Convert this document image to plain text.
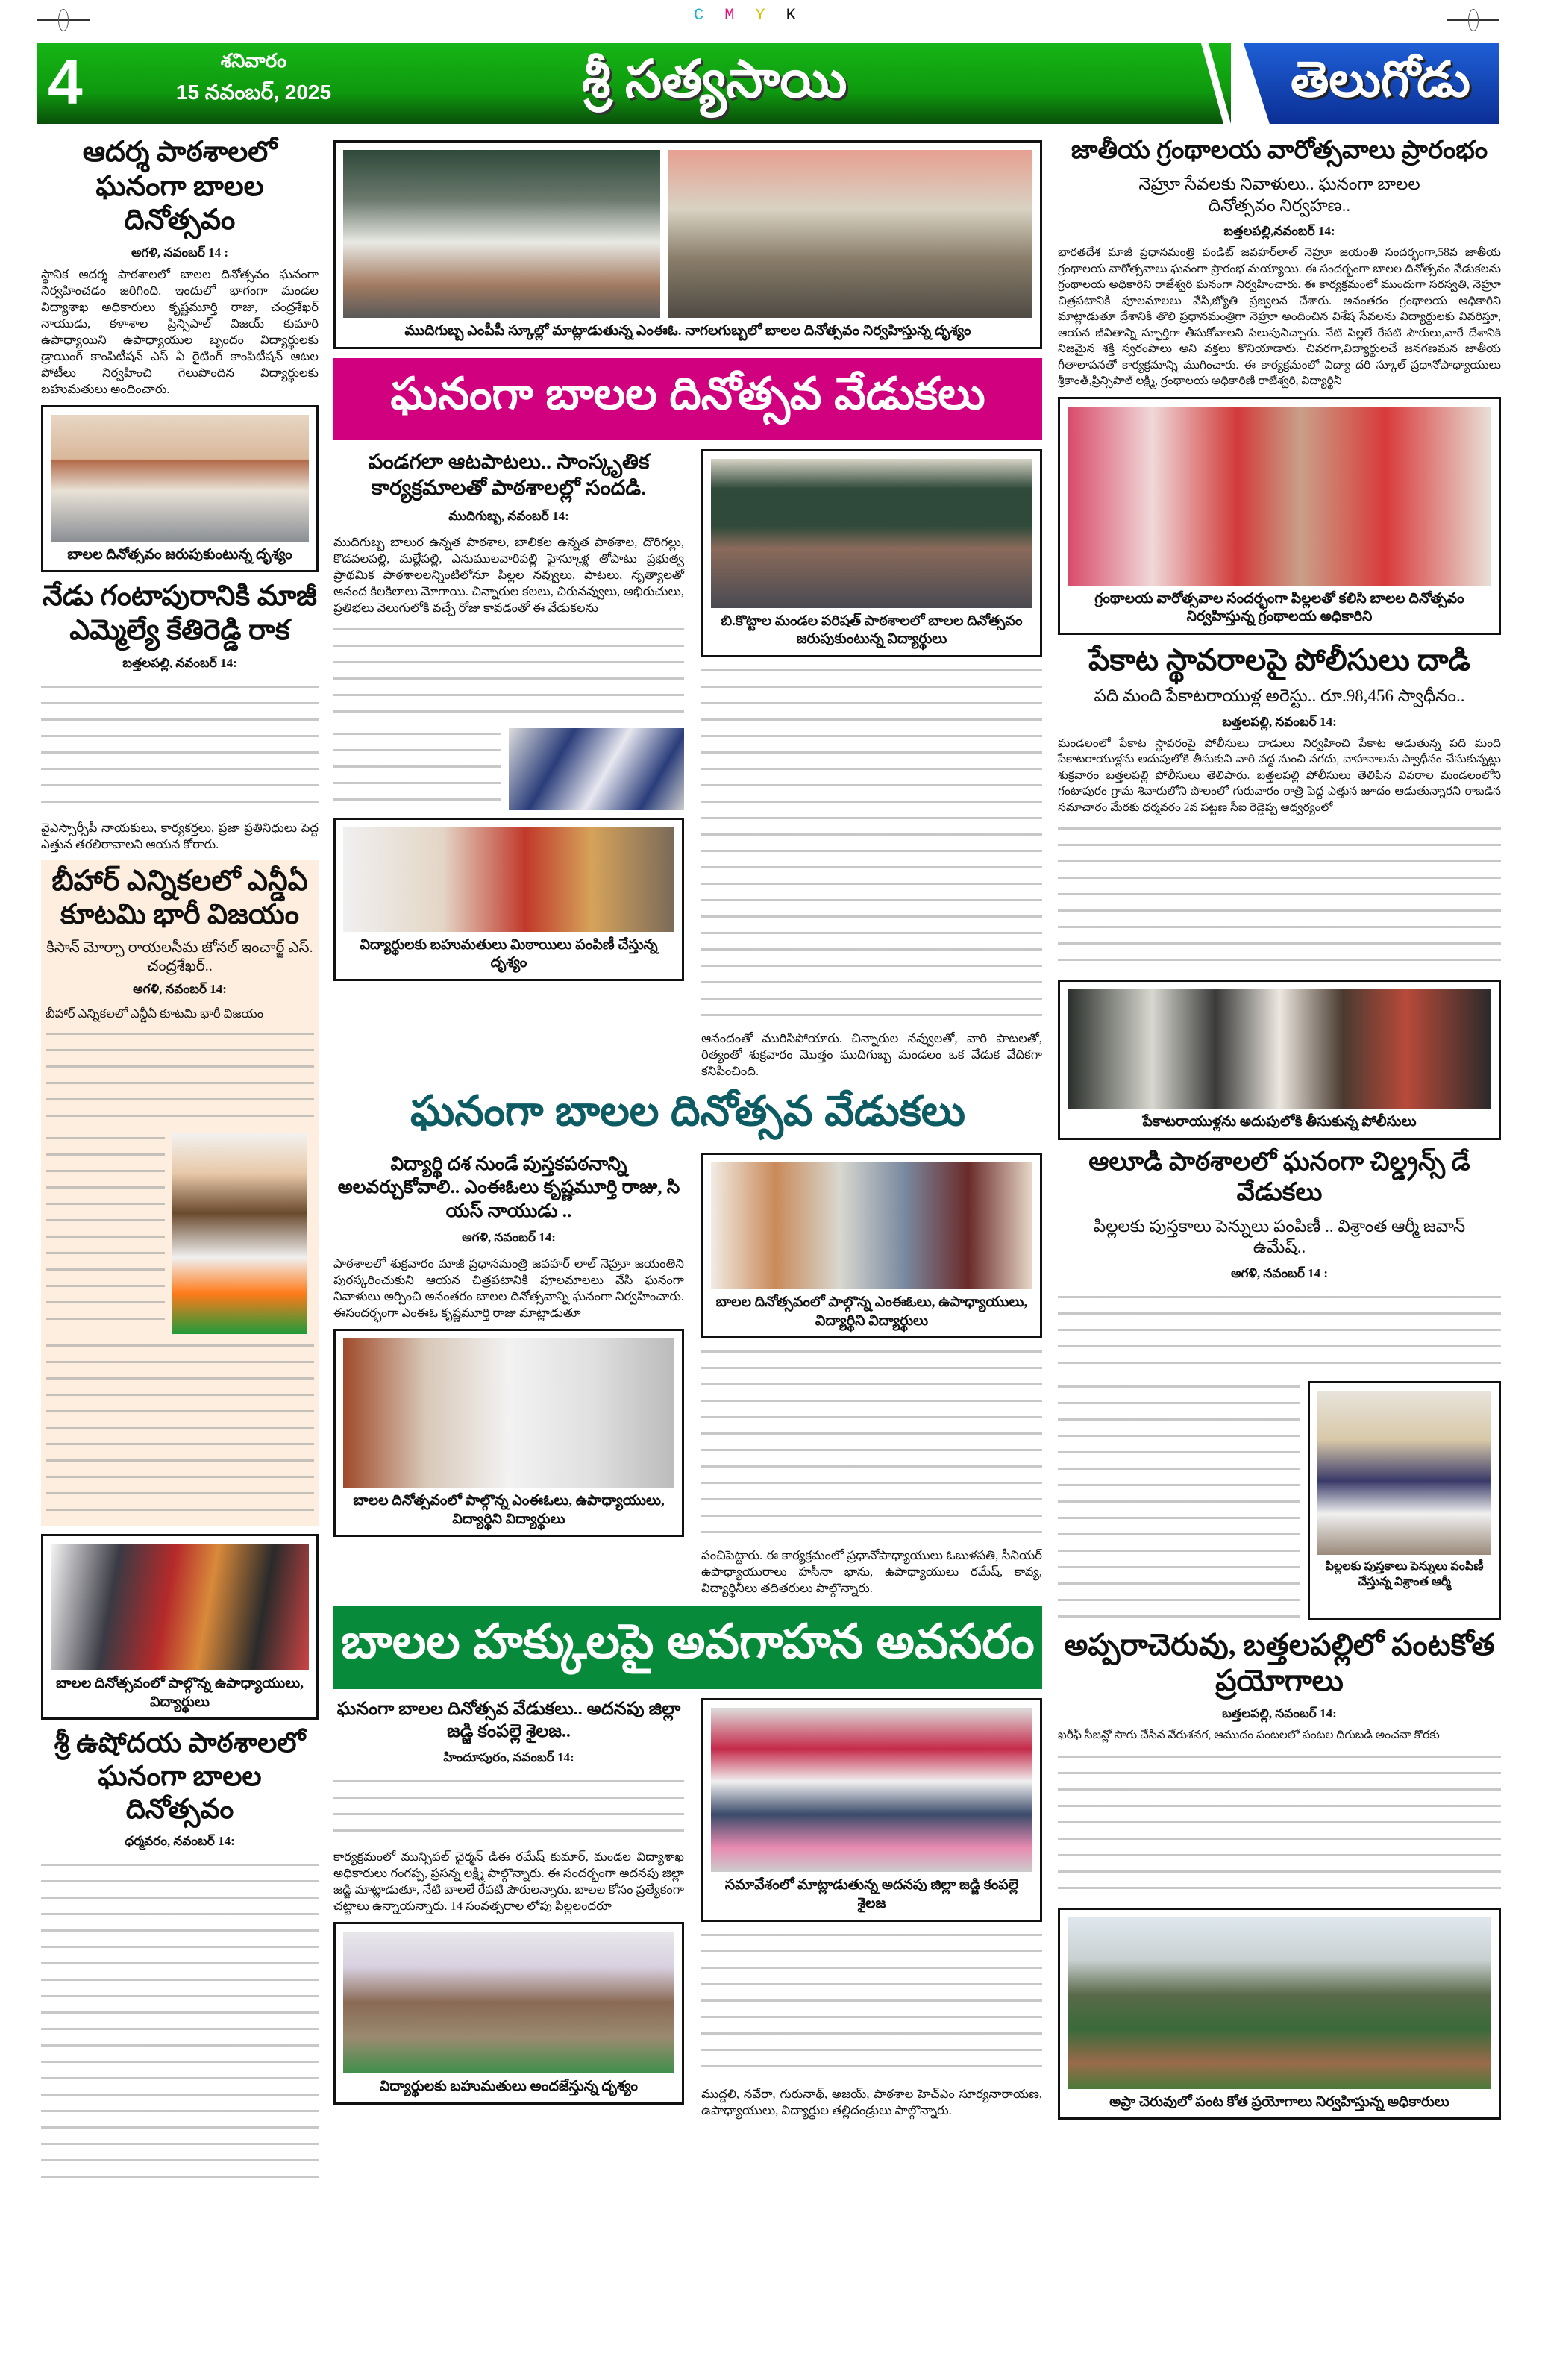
CMYK
4	శనివారం
15 నవంబర్, 2025	శ్రీ సత్యసాయి	తెలుగోడు
ఆదర్శ పాఠశాలలో ఘనంగా బాలల దినోత్సవం
అగళి, నవంబర్ 14 :
స్థానిక ఆదర్శ పాఠశాలలో బాలల దినోత్సవం ఘనంగా నిర్వహించడం జరిగింది. ఇందులో భాగంగా మండల విద్యాశాఖ అధికారులు కృష్ణమూర్తి రాజు, చంద్రశేఖర్ నాయుడు, కళాశాల ప్రిన్సిపాల్ విజయ్ కుమారి ఉపాధ్యాయిని ఉపాధ్యాయుల బృందం విద్యార్థులకు డ్రాయింగ్ కాంపిటీషన్ ఎస్ ఏ రైటింగ్ కాంపిటీషన్ ఆటల పోటీలు నిర్వహించి గెలుపొందిన విద్యార్థులకు బహుమతులు అందించారు.
బాలల దినోత్సవం జరుపుకుంటున్న దృశ్యం
నేడు గంటాపురానికి మాజీ ఎమ్మెల్యే కేతిరెడ్డి రాక
బత్తలపల్లి, నవంబర్ 14:
వైఎస్సార్సీపీ నాయకులు, కార్యకర్తలు, ప్రజా ప్రతినిధులు పెద్ద ఎత్తున తరలిరావాలని ఆయన కోరారు.
బీహార్ ఎన్నికలలో ఎన్డీఏ కూటమి భారీ విజయం
కిసాన్ మోర్చా రాయలసీమ జోనల్ ఇంచార్జ్ ఎస్. చంద్రశేఖర్..
అగళి, నవంబర్ 14:
బీహార్ ఎన్నికలలో ఎన్డీఏ కూటమి భారీ విజయం
బాలల దినోత్సవంలో పాల్గొన్న ఉపాధ్యాయులు, విద్యార్థులు
శ్రీ ఉషోదయ పాఠశాలలో ఘనంగా బాలల దినోత్సవం
ధర్మవరం, నవంబర్ 14:
ముదిగుబ్బ ఎంపీపీ స్కూల్లో మాట్లాడుతున్న ఎంఈఓ. నాగలగుబ్బలో బాలల దినోత్సవం నిర్వహిస్తున్న దృశ్యం
ఘనంగా బాలల దినోత్సవ వేడుకలు
పండగలా ఆటపాటలు.. సాంస్కృతిక కార్యక్రమాలతో పాఠశాలల్లో సందడి.
ముదిగుబ్బ, నవంబర్ 14:
ముదిగుబ్బ బాలుర ఉన్నత పాఠశాల, బాలికల ఉన్నత పాఠశాల, దొరిగల్లు, కొడవలపల్లి, మల్లేపల్లి, ఎనుములవారిపల్లి హైస్కూళ్ల తోపాటు ప్రభుత్వ ప్రాథమిక పాఠశాలలన్నింటిలోనూ పిల్లల నవ్వులు, పాటలు, నృత్యాలతో ఆనంద కిలకిలాలు మోగాయి. చిన్నారుల కలలు, చిరునవ్వులు, అభిరుచులు, ప్రతిభలు వెలుగులోకి వచ్చే రోజు కావడంతో ఈ వేడుకలను
విద్యార్థులకు బహుమతులు మిఠాయిలు పంపిణీ చేస్తున్న దృశ్యం
బి.కొట్టాల మండల పరిషత్ పాఠశాలలో బాలల దినోత్సవం జరుపుకుంటున్న విద్యార్థులు
ఆనందంతో మురిసిపోయారు. చిన్నారుల నవ్వులతో, వారి పాటలతో, రిత్యంతో శుక్రవారం మొత్తం ముదిగుబ్బ మండలం ఒక వేడుక వేదికగా కనిపించింది.
ఘనంగా బాలల దినోత్సవ వేడుకలు
విద్యార్థి దశ నుండే పుస్తకపఠనాన్ని అలవర్చుకోవాలి.. ఎంఈఓలు కృష్ణమూర్తి రాజు, సి యస్ నాయుడు ..
అగళి, నవంబర్ 14:
పాఠశాలలో శుక్రవారం మాజీ ప్రధానమంత్రి జవహర్ లాల్ నెహ్రూ జయంతిని పురస్కరించుకుని ఆయన చిత్రపటానికి పూలమాలలు వేసి ఘనంగా నివాళులు అర్పించి అనంతరం బాలల దినోత్సవాన్ని ఘనంగా నిర్వహించారు. ఈసందర్భంగా ఎంఈఓ కృష్ణమూర్తి రాజు మాట్లాడుతూ
బాలల దినోత్సవంలో పాల్గొన్న ఎంఈఓలు, ఉపాధ్యాయులు, విద్యార్థిని విద్యార్థులు
బాలల దినోత్సవంలో పాల్గొన్న ఎంఈఓలు, ఉపాధ్యాయులు, విద్యార్థిని విద్యార్థులు
పంచిపెట్టారు. ఈ కార్యక్రమంలో ప్రధానోపాధ్యాయులు ఓబుళపతి, సీనియర్ ఉపాధ్యాయురాలు హసీనా భాను, ఉపాధ్యాయులు రమేష్, కావ్య, విద్యార్థినీలు తదితరులు పాల్గొన్నారు.
బాలల హక్కులపై అవగాహన అవసరం
ఘనంగా బాలల దినోత్సవ వేడుకలు.. అదనపు జిల్లా జడ్జి కంపల్లె శైలజ..
హిందూపురం, నవంబర్ 14:
కార్యక్రమంలో మున్సిపల్ చైర్మన్ డిఈ రమేష్ కుమార్, మండల విద్యాశాఖ అధికారులు గంగప్ప, ప్రసన్న లక్ష్మి పాల్గొన్నారు. ఈ సందర్భంగా అదనపు జిల్లా జడ్జి మాట్లాడుతూ, నేటి బాలలే రేపటి పౌరులన్నారు. బాలల కోసం ప్రత్యేకంగా చట్టాలు ఉన్నాయన్నారు. 14 సంవత్సరాల లోపు పిల్లలందరూ
విద్యార్థులకు బహుమతులు అందజేస్తున్న దృశ్యం
సమావేశంలో మాట్లాడుతున్న అదనపు జిల్లా జడ్జి కంపల్లె శైలజ
ముద్దలి, నవేరా, గురునాథ్, అజయ్, పాఠశాల హెచ్ఎం సూర్యనారాయణ, ఉపాధ్యాయులు, విద్యార్థుల తల్లిదండ్రులు పాల్గొన్నారు.
జాతీయ గ్రంథాలయ వారోత్సవాలు ప్రారంభం
నెహ్రూ సేవలకు నివాళులు.. ఘనంగా బాలల దినోత్సవం నిర్వహణ..
బత్తలపల్లి,నవంబర్ 14:
భారతదేశ మాజీ ప్రధానమంత్రి పండిట్ జవహర్‌లాల్ నెహ్రూ జయంతి సందర్భంగా,58వ జాతీయ గ్రంథాలయ వారోత్సవాలు ఘనంగా ప్రారంభ మయ్యాయి. ఈ సందర్భంగా బాలల దినోత్సవం వేడుకలను గ్రంథాలయ అధికారిని రాజేశ్వరి ఘనంగా నిర్వహించారు. ఈ కార్యక్రమంలో ముందుగా సరస్వతి, నెహ్రూ చిత్రపటానికి పూలమాలలు వేసి,జ్యోతి ప్రజ్వలన చేశారు. అనంతరం గ్రంథాలయ అధికారిని మాట్లాడుతూ దేశానికి తొలి ప్రధానమంత్రిగా నెహ్రూ అందించిన విశేష సేవలను విద్యార్థులకు వివరిస్తూ, ఆయన జీవితాన్ని స్ఫూర్తిగా తీసుకోవాలని పిలుపునిచ్చారు. నేటి పిల్లలే రేపటి పౌరులు,వారే దేశానికి నిజమైన శక్తి స్వరంపాలు అని వక్తలు కొనియాడారు. చివరగా,విద్యార్థులచే జనగణమన జాతీయ గీతాలాపనతో కార్యక్రమాన్ని ముగించారు. ఈ కార్యక్రమంలో విద్యా దరి స్కూల్ ప్రధానోపాధ్యాయులు శ్రీకాంత్,ప్రిన్సిపాల్ లక్ష్మి, గ్రంథాలయ అధికారిణి రాజేశ్వరి, విద్యార్థినీ
గ్రంథాలయ వారోత్సవాల సందర్భంగా పిల్లలతో కలిసి బాలల దినోత్సవం నిర్వహిస్తున్న గ్రంథాలయ అధికారిని
పేకాట స్థావరాలపై పోలీసులు దాడి
పది మంది పేకాటరాయుళ్ల అరెస్టు.. రూ.98,456 స్వాధీనం..
బత్తలపల్లి, నవంబర్ 14:
మండలంలో పేకాట స్థావరంపై పోలీసులు దాడులు నిర్వహించి పేకాట ఆడుతున్న పది మంది పేకాటరాయుళ్లను అదుపులోకి తీసుకుని వారి వద్ద నుంచి నగదు, వాహనాలను స్వాధీనం చేసుకున్నట్లు శుక్రవారం బత్తలపల్లి పోలీసులు తెలిపారు. బత్తలపల్లి పోలీసులు తెలిపిన వివరాల మండలంలోని గంటాపురం గ్రామ శివారులోని పొలంలో గురువారం రాత్రి పెద్ద ఎత్తున జూదం ఆడుతున్నారని రాబడిన సమాచారం మేరకు ధర్మవరం 2వ పట్టణ సీఐ రెడ్డెప్ప ఆధ్వర్యంలో
పేకాటరాయుళ్లను అదుపులోకి తీసుకున్న పోలీసులు
ఆలూడి పాఠశాలలో ఘనంగా చిల్డ్రన్స్ డే వేడుకలు
పిల్లలకు పుస్తకాలు పెన్నులు పంపిణీ .. విశ్రాంత ఆర్మీ జవాన్ ఉమేష్..
అగళి, నవంబర్ 14 :
పిల్లలకు పుస్తకాలు పెన్నులు పంపిణీ చేస్తున్న విశ్రాంత ఆర్మీ
అప్పరాచెరువు, బత్తలపల్లిలో పంటకోత ప్రయోగాలు
బత్తలపల్లి, నవంబర్ 14:
ఖరీఫ్ సీజన్లో సాగు చేసిన వేరుశనగ, ఆముదం పంటలలో పంటల దిగుబడి అంచనా కొరకు
అప్రా చెరువులో పంట కోత ప్రయోగాలు నిర్వహిస్తున్న అధికారులు
